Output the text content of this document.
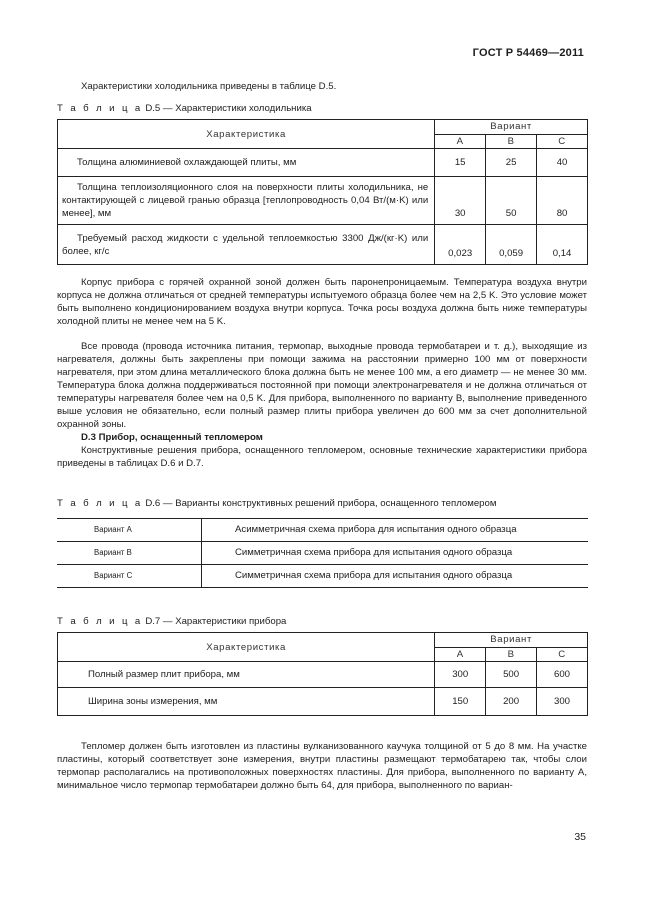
ГОСТ Р 54469—2011
Характеристики холодильника приведены в таблице D.5.
Т а б л и ц а D.5 — Характеристики холодильника
Характеристика	Вариант		
	А	В	С

Толщина алюминиевой охлаждающей плиты, мм	15	25	40

Толщина теплоизоляционного слоя на поверхности плиты холодильника, не контактирующей с лицевой гранью образца [теплопроводность 0,04 Вт/(м·K) или менее], мм	30	50	80

Требуемый расход жидкости с удельной теплоемкостью 3300 Дж/(кг·K) или более, кг/с	0,023	0,059	0,14
Корпус прибора с горячей охранной зоной должен быть паронепроницаемым. Температура воздуха внутри корпуса не должна отличаться от средней температуры испытуемого образца более чем на 2,5 K. Это условие может быть выполнено кондиционированием воздуха внутри корпуса. Точка росы воздуха должна быть ниже температуры холодной плиты не менее чем на 5 K.
Все провода (провода источника питания, термопар, выходные провода термобатареи и т. д.), выходящие из нагревателя, должны быть закреплены при помощи зажима на расстоянии примерно 100 мм от поверхности нагревателя, при этом длина металлического блока должна быть не менее 100 мм, а его диаметр — не менее 30 мм. Температура блока должна поддерживаться постоянной при помощи электронагревателя и не должна отличаться от температуры нагревателя более чем на 0,5 K. Для прибора, выполненного по варианту В, выполнение приведенного выше условия не обязательно, если полный размер плиты прибора увеличен до 600 мм за счет дополнительной охранной зоны.
D.3 Прибор, оснащенный тепломером
Конструктивные решения прибора, оснащенного тепломером, основные технические характеристики прибора приведены в таблицах D.6 и D.7.
Т а б л и ц а D.6 — Варианты конструктивных решений прибора, оснащенного тепломером
Вариант А	Асимметричная схема прибора для испытания одного образца
Вариант В	Симметричная схема прибора для испытания одного образца
Вариант С	Симметричная схема прибора для испытания одного образца
Т а б л и ц а D.7 — Характеристики прибора
Характеристика	Вариант		
	А	В	С

Полный размер плит прибора, мм	300	500	600

Ширина зоны измерения, мм	150	200	300
Тепломер должен быть изготовлен из пластины вулканизованного каучука толщиной от 5 до 8 мм. На участке пластины, который соответствует зоне измерения, внутри пластины размещают термобатарею так, чтобы слои термопар располагались на противоположных поверхностях пластины. Для прибора, выполненного по варианту А, минимальное число термопар термобатареи должно быть 64, для прибора, выполненного по вариан-
35
